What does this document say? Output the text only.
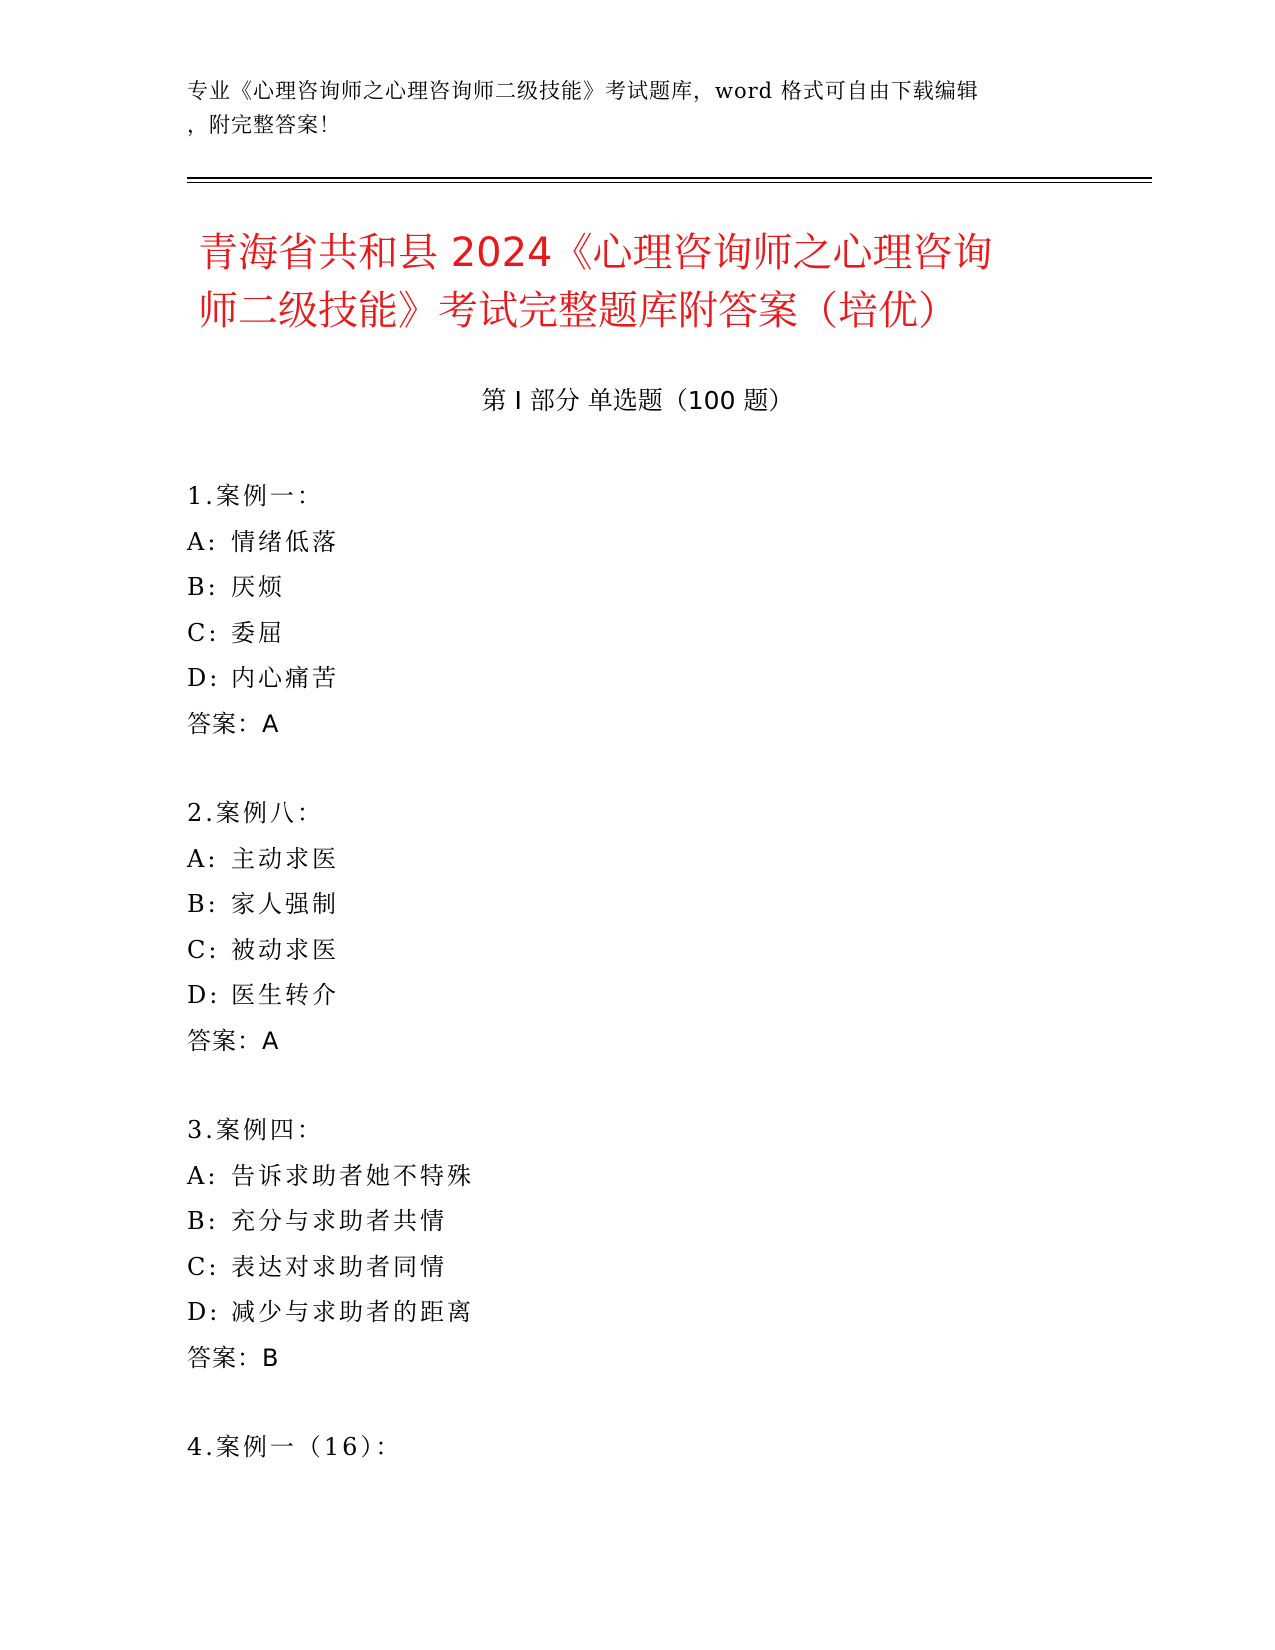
专业《心理咨询师之心理咨询师二级技能》考试题库，word 格式可自由下载编辑
，附完整答案！
青海省共和县 2024《心理咨询师之心理咨询
师二级技能》考试完整题库附答案（培优）
第 I 部分 单选题（100 题）
1.案例一：
A: 情绪低落
B: 厌烦
C: 委屈
D: 内心痛苦
答案：A
2.案例八：
A: 主动求医
B: 家人强制
C: 被动求医
D: 医生转介
答案：A
3.案例四：
A: 告诉求助者她不特殊
B: 充分与求助者共情
C: 表达对求助者同情
D: 减少与求助者的距离
答案：B
4.案例一（16）：
